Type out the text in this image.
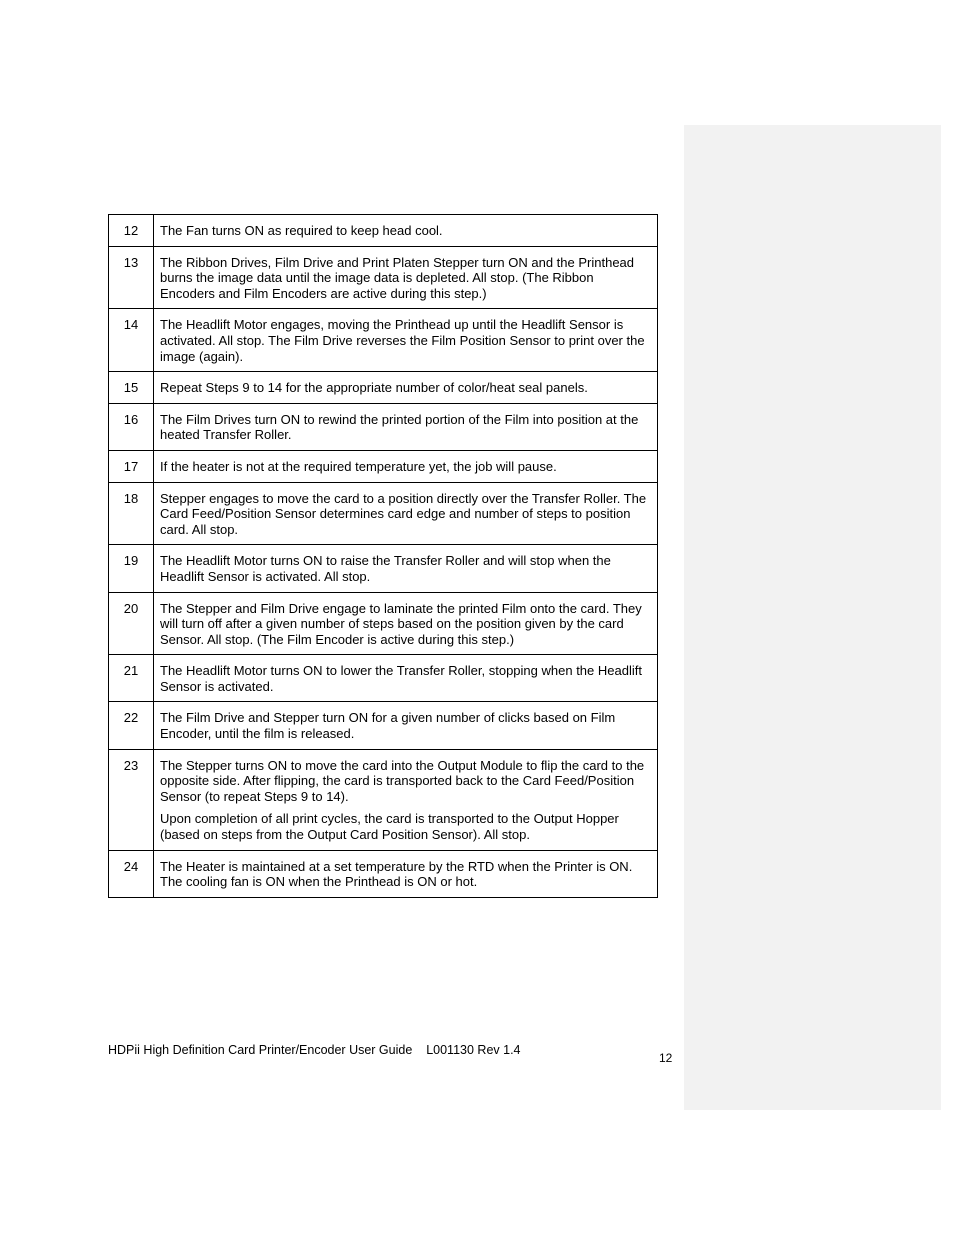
12	The Fan turns ON as required to keep head cool.

13	The Ribbon Drives, Film Drive and Print Platen Stepper turn ON and the Printhead burns the image data until the image data is depleted. All stop. (The Ribbon Encoders and Film Encoders are active during this step.)

14	The Headlift Motor engages, moving the Printhead up until the Headlift Sensor is activated. All stop. The Film Drive reverses the Film Position Sensor to print over the image (again).

15	Repeat Steps 9 to 14 for the appropriate number of color/heat seal panels.

16	The Film Drives turn ON to rewind the printed portion of the Film into position at the heated Transfer Roller.

17	If the heater is not at the required temperature yet, the job will pause.

18	Stepper engages to move the card to a position directly over the Transfer Roller. The Card Feed/Position Sensor determines card edge and number of steps to position card. All stop.

19	The Headlift Motor turns ON to raise the Transfer Roller and will stop when the Headlift Sensor is activated. All stop.

20	The Stepper and Film Drive engage to laminate the printed Film onto the card. They will turn off after a given number of steps based on the position given by the card Sensor. All stop. (The Film Encoder is active during this step.)

21	The Headlift Motor turns ON to lower the Transfer Roller, stopping when the Headlift Sensor is activated.

22	The Film Drive and Stepper turn ON for a given number of clicks based on Film Encoder, until the film is released.

23	The Stepper turns ON to move the card into the Output Module to flip the card to the opposite side. After flipping, the card is transported back to the Card Feed/Position Sensor (to repeat Steps 9 to 14).

Upon completion of all print cycles, the card is transported to the Output Hopper (based on steps from the Output Card Position Sensor). All stop.

24	The Heater is maintained at a set temperature by the RTD when the Printer is ON. The cooling fan is ON when the Printhead is ON or hot.

HDPii High Definition Card Printer/Encoder User Guide L001130 Rev 1.4
12
